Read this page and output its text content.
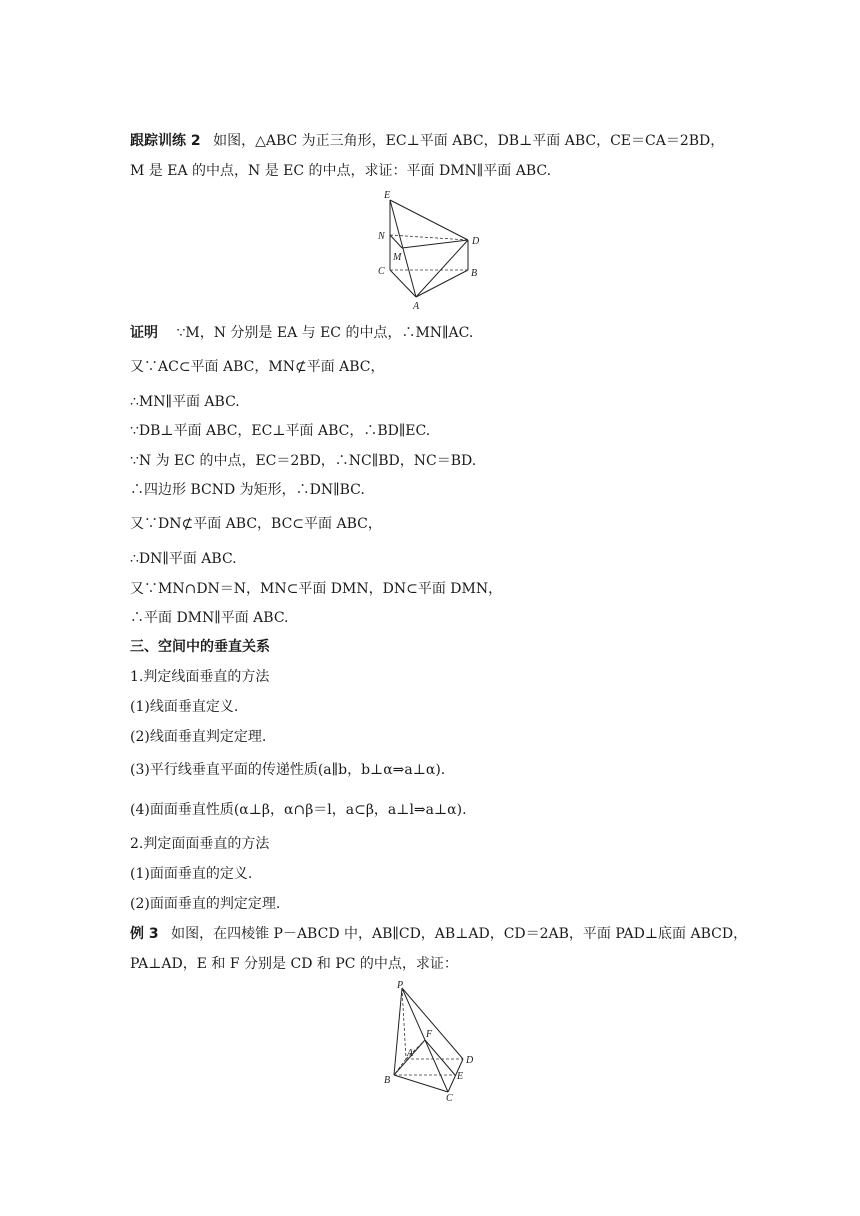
跟踪训练 2 如图，△ABC 为正三角形，EC⊥平面 ABC，DB⊥平面 ABC，CE＝CA＝2BD，
M 是 EA 的中点，N 是 EC 的中点，求证：平面 DMN∥平面 ABC.
E
N
M
C
D
B
A
证明 ∵M，N 分别是 EA 与 EC 的中点，∴MN∥AC.
又∵AC⊂平面 ABC，MN⊄平面 ABC，
∴MN∥平面 ABC.
∵DB⊥平面 ABC，EC⊥平面 ABC，∴BD∥EC.
∵N 为 EC 的中点，EC＝2BD，∴NC∥BD，NC＝BD.
∴四边形 BCND 为矩形，∴DN∥BC.
又∵DN⊄平面 ABC，BC⊂平面 ABC，
∴DN∥平面 ABC.
又∵MN∩DN＝N，MN⊂平面 DMN，DN⊂平面 DMN，
∴平面 DMN∥平面 ABC.
三、空间中的垂直关系
1.判定线面垂直的方法
(1)线面垂直定义.
(2)线面垂直判定定理.
(3)平行线垂直平面的传递性质(a∥b，b⊥α⇒a⊥α).
(4)面面垂直性质(α⊥β，α∩β＝l，a⊂β，a⊥l⇒a⊥α).
2.判定面面垂直的方法
(1)面面垂直的定义.
(2)面面垂直的判定定理.
例 3 如图，在四棱锥 P－ABCD 中，AB∥CD，AB⊥AD，CD＝2AB，平面 PAD⊥底面 ABCD，
PA⊥AD，E 和 F 分别是 CD 和 PC 的中点，求证：
P
F
A
D
B	E
C
